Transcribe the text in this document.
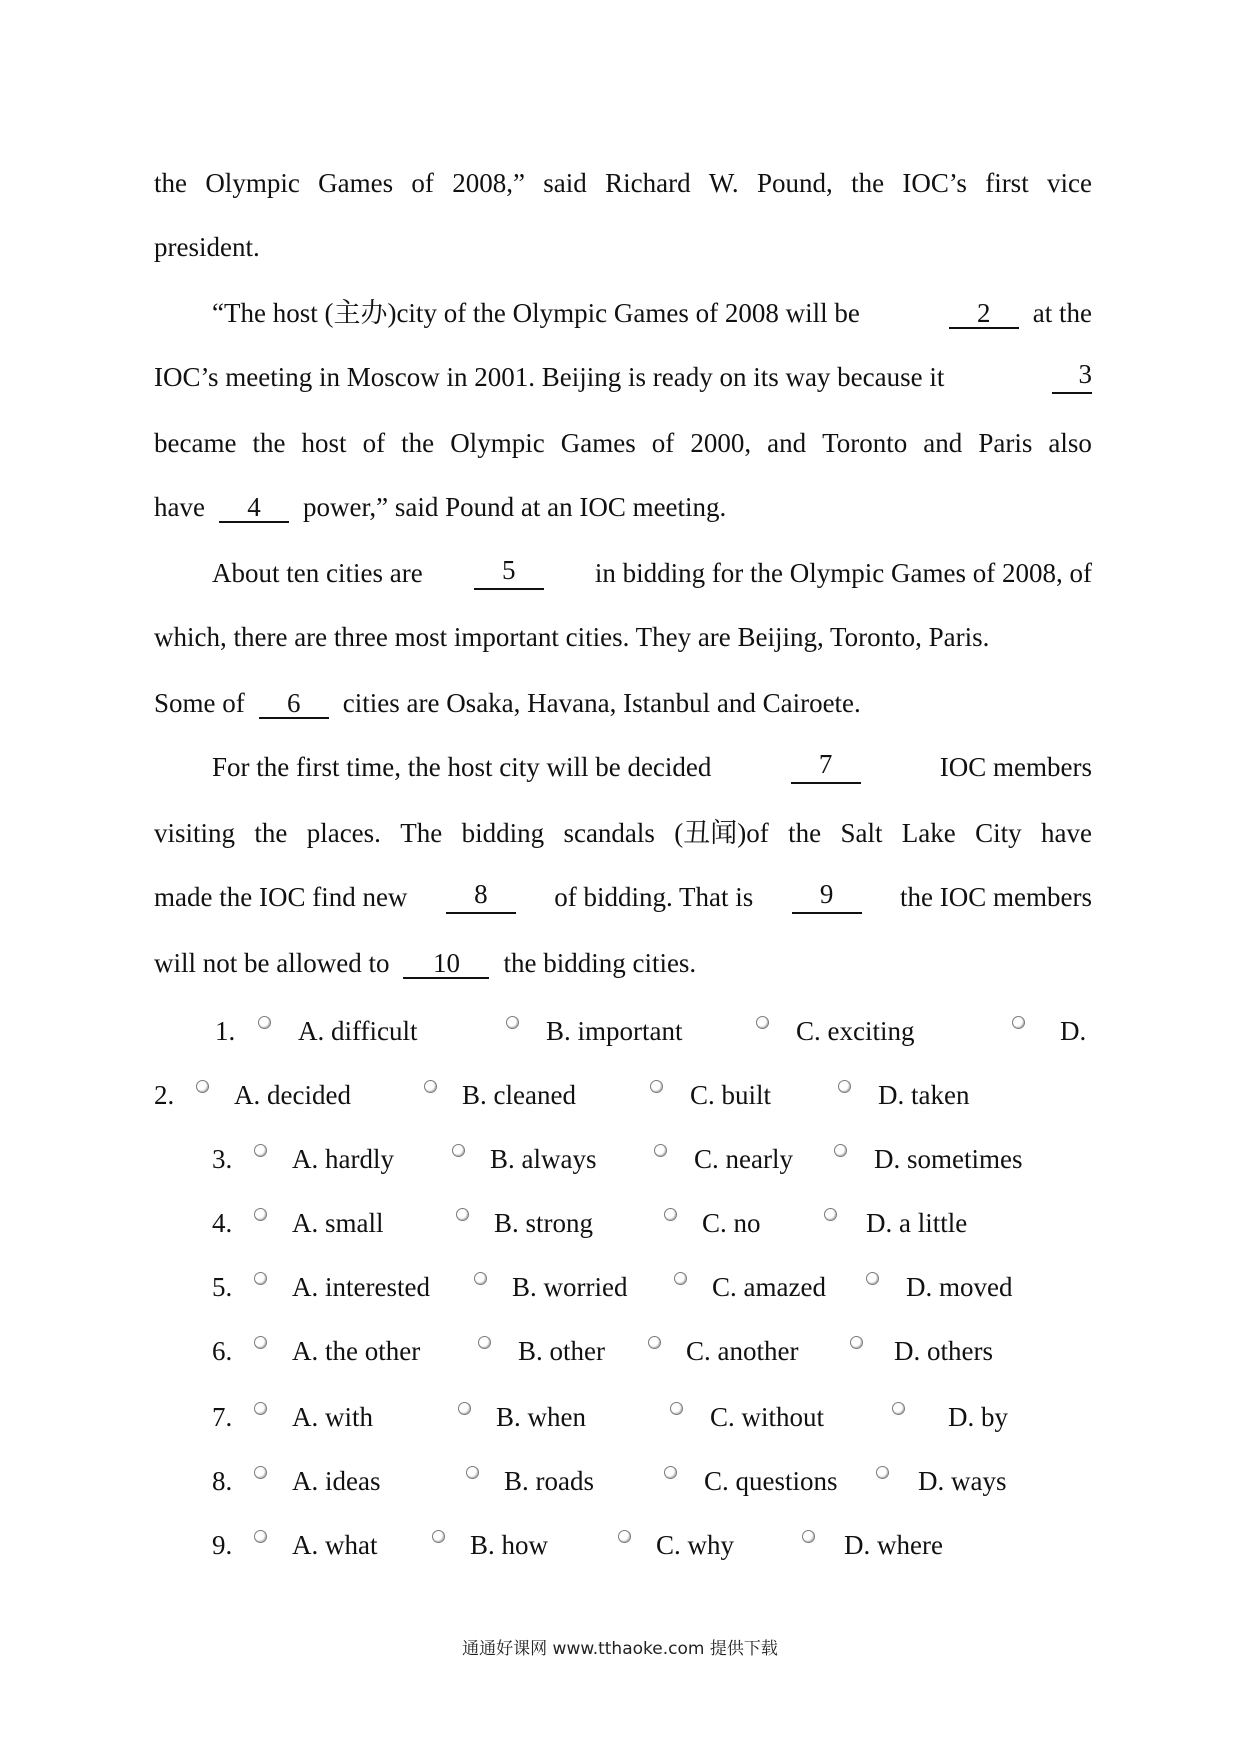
the Olympic Games of 2008,” said Richard W. Pound, the IOC’s first vice
president.
“The host (主办)city of the Olympic Games of 2008 will be	2 at the
IOC’s meeting in Moscow in 2001. Beijing is ready on its way because it	3
became the host of the Olympic Games of 2000, and Toronto and Paris also
have 4 power,” said Pound at an IOC meeting.
About ten cities are	5	in bidding for the Olympic Games of 2008, of
which, there are three most important cities. They are Beijing, Toronto, Paris.
Some of 6 cities are Osaka, Havana, Istanbul and Cairoete.
For the first time, the host city will be decided	7	IOC members
visiting the places. The bidding scandals (丑闻)of the Salt Lake City have
made the IOC find new	8	of bidding. That is	9	the IOC members
will not be allowed to 10 the bidding cities.
1. A. difficult	B. important	C. exciting	D.
2. A. decided	B. cleaned	C. built	D. taken
3. A. hardly	B. always	C. nearly	D. sometimes
4. A. small	B. strong	C. no	D. a little
5. A. interested	B. worried	C. amazed	D. moved
6. A. the other	B. other	C. another	D. others
7. A. with	B. when	C. without	D. by
8. A. ideas	B. roads	C. questions	D. ways
9. A. what	B. how	C. why	D. where
通通好课网 www.tthaoke.com 提供下载
